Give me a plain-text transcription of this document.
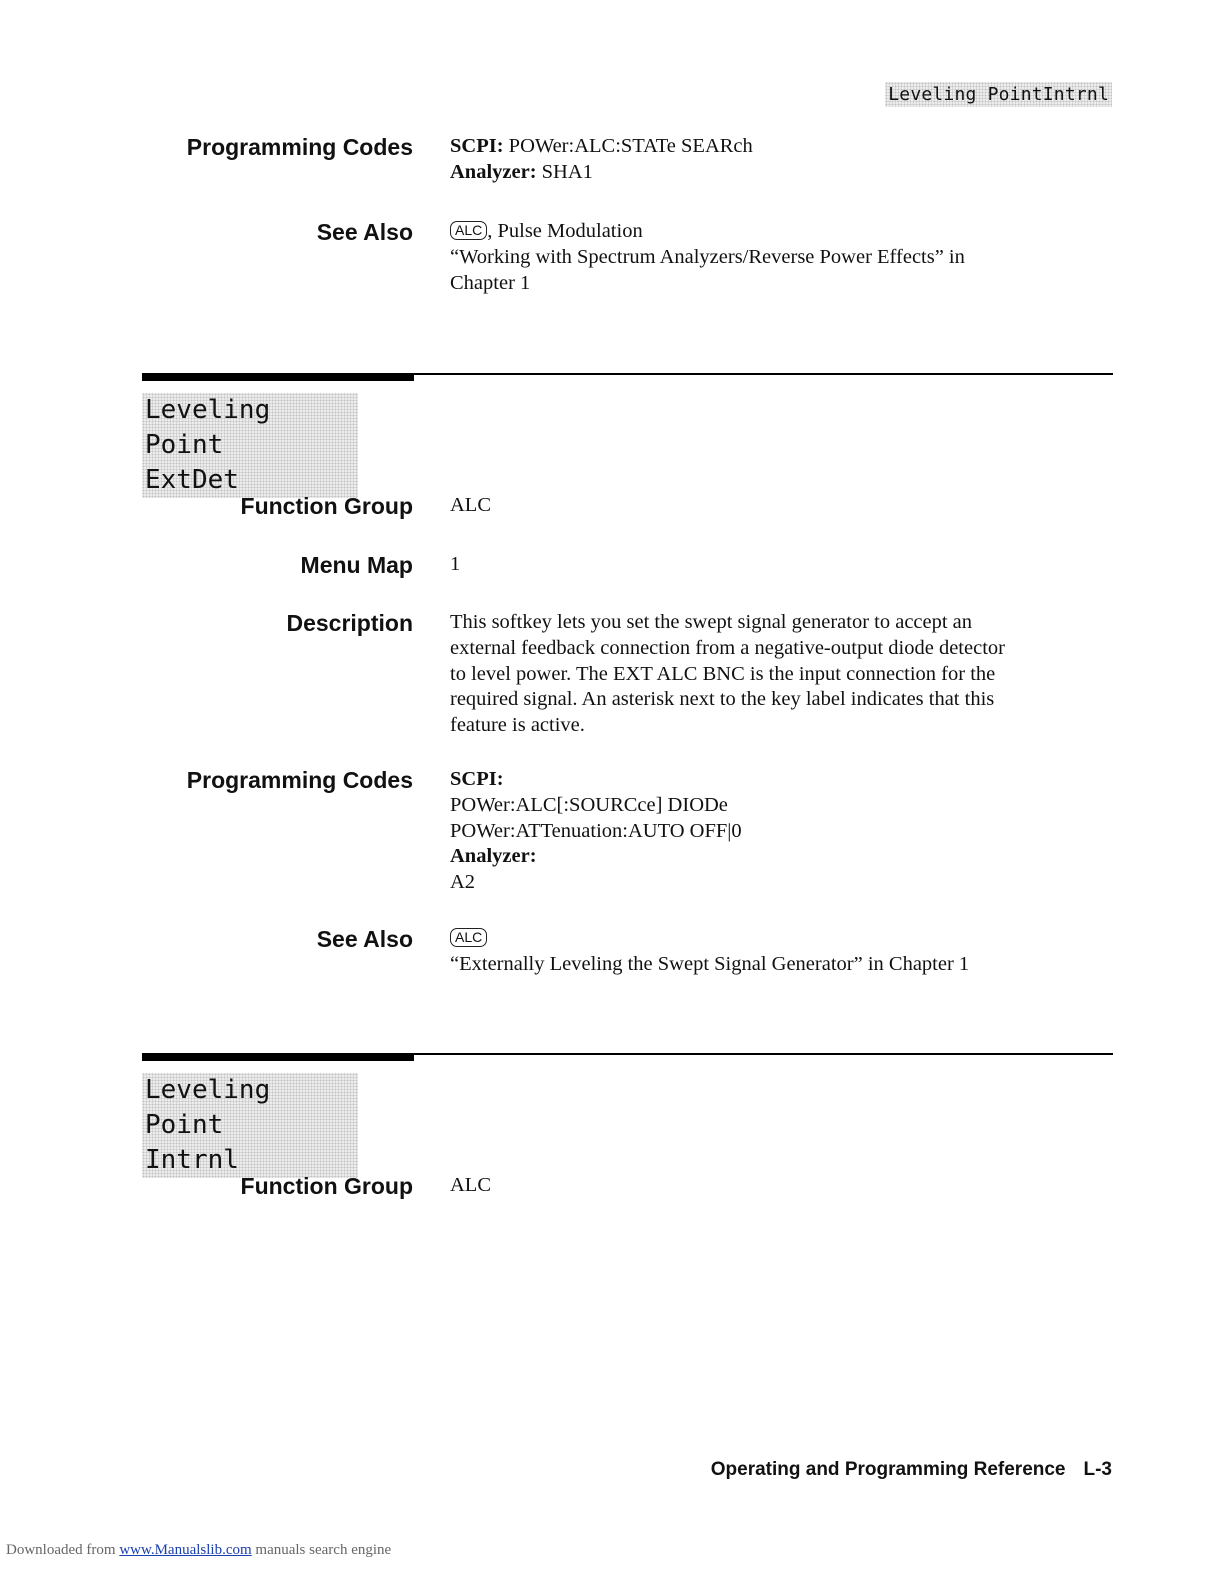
Leveling PointIntrnl
Programming Codes SCPI: POWer:ALC:STATe SEARch
Analyzer: SHA1
See Also	ALC , Pulse Modulation
“Working with Spectrum Analyzers/Reverse Power Effects” in
Chapter 1
Leveling Point
ExtDet
Function Group ALC
Menu Map 1
Description This softkey lets you set the swept signal generator to accept an
external feedback connection from a negative-output diode detector
to level power. The EXT ALC BNC is the input connection for the
required signal. An asterisk next to the key label indicates that this
feature is active.
Programming Codes SCPI:
POWer:ALC[:SOURCce] DIODe
POWer:ATTenuation:AUTO OFF|0
Analyzer:
A2
See Also	ALC
“Externally Leveling the Swept Signal Generator” in Chapter 1
Leveling Point
Intrnl
Function Group ALC
Operating and Programming Reference L-3
Downloaded from www.Manualslib.com manuals search engine
